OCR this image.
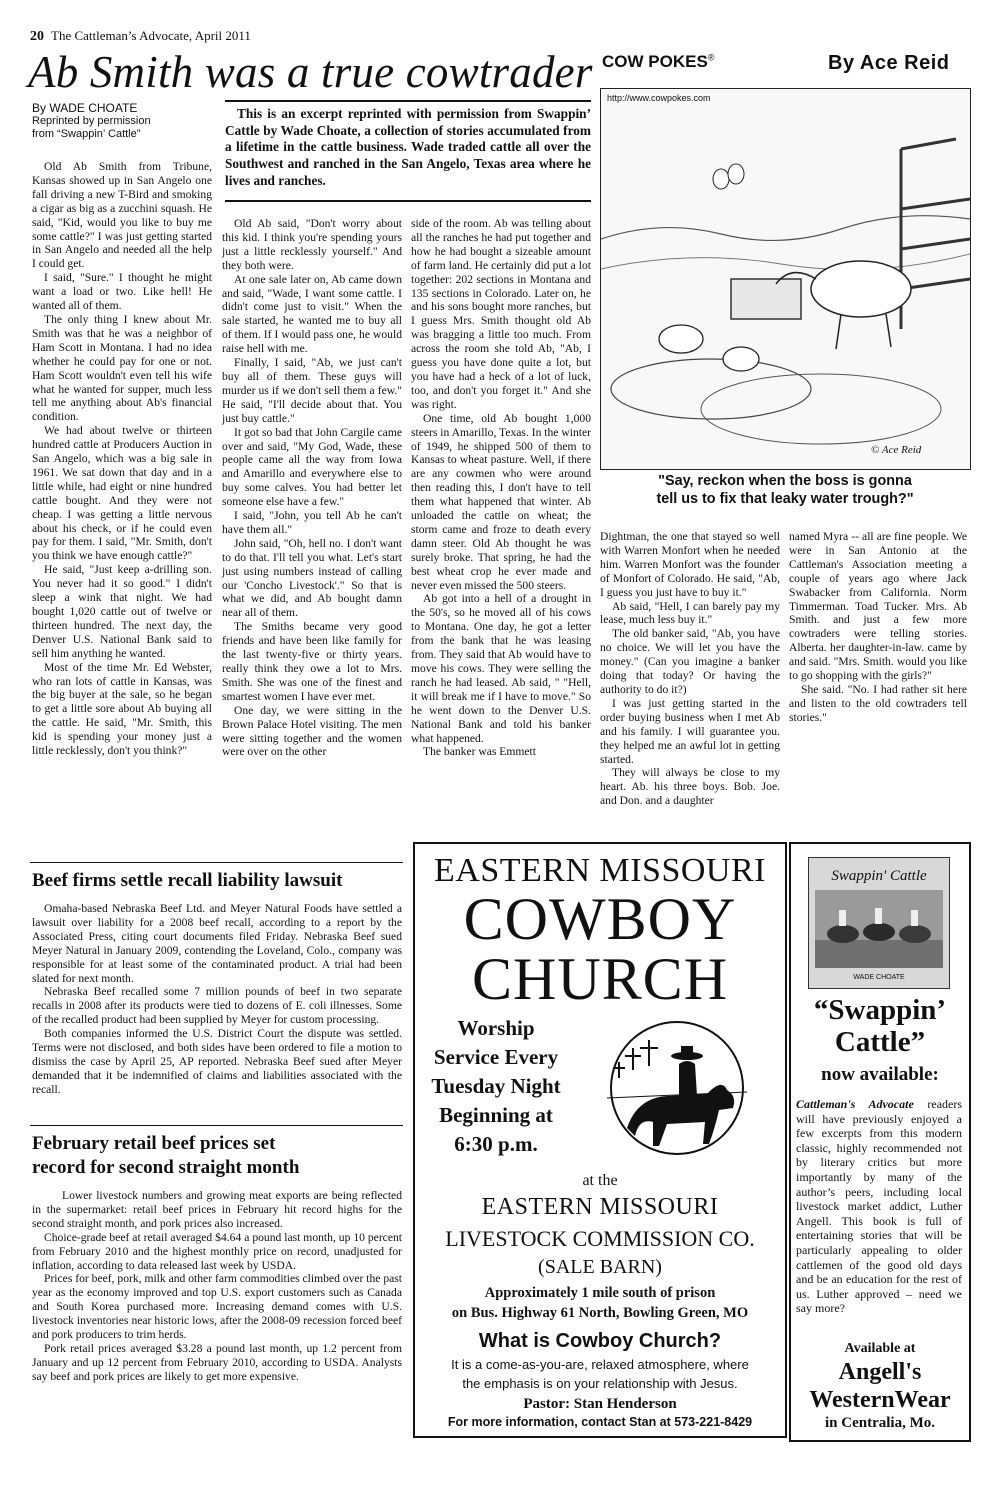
20 The Cattleman’s Advocate, April 2011
Ab Smith was a true cowtrader
By WADE CHOATE
Reprinted by permission
from “Swappin’ Cattle”

This is an excerpt reprinted with permission from Swappin’ Cattle by Wade Choate, a collection of stories accumulated from a lifetime in the cattle business. Wade traded cattle all over the Southwest and ranched in the San Angelo, Texas area where he lives and ranches.

Old Ab Smith from Tribune, Kansas showed up in San Angelo one fall driving a new T-Bird and smoking a cigar as big as a zucchini squash. He said, "Kid, would you like to buy me some cattle?" I was just getting started in San Angelo and needed all the help I could get.

I said, "Sure." I thought he might want a load or two. Like hell! He wanted all of them.

The only thing I knew about Mr. Smith was that he was a neighbor of Ham Scott in Montana. I had no idea whether he could pay for one or not. Ham Scott wouldn't even tell his wife what he wanted for supper, much less tell me anything about Ab's financial condition.

We had about twelve or thirteen hundred cattle at Producers Auction in San Angelo, which was a big sale in 1961. We sat down that day and in a little while, had eight or nine hundred cattle bought. And they were not cheap. I was getting a little nervous about his check, or if he could even pay for them. I said, "Mr. Smith, don't you think we have enough cattle?"

He said, "Just keep a-drilling son. You never had it so good." I didn't sleep a wink that night. We had bought 1,020 cattle out of twelve or thirteen hundred. The next day, the Denver U.S. National Bank said to sell him anything he wanted.

Most of the time Mr. Ed Webster, who ran lots of cattle in Kansas, was the big buyer at the sale, so he began to get a little sore about Ab buying all the cattle. He said, "Mr. Smith, this kid is spending your money just a little recklessly, don't you think?"

Old Ab said, "Don't worry about this kid. I think you're spending yours just a little recklessly yourself." And they both were.

At one sale later on, Ab came down and said, "Wade, I want some cattle. I didn't come just to visit." When the sale started, he wanted me to buy all of them. If I would pass one, he would raise hell with me.

Finally, I said, "Ab, we just can't buy all of them. These guys will murder us if we don't sell them a few." He said, "I'll decide about that. You just buy cattle."

It got so bad that John Cargile came over and said, "My God, Wade, these people came all the way from Iowa and Amarillo and everywhere else to buy some calves. You had better let someone else have a few."

I said, "John, you tell Ab he can't have them all."

John said, "Oh, hell no. I don't want to do that. I'll tell you what. Let's start just using numbers instead of calling our 'Concho Livestock'." So that is what we did, and Ab bought damn near all of them.

The Smiths became very good friends and have been like family for the last twenty-five or thirty years. really think they owe a lot to Mrs. Smith. She was one of the finest and smartest women I have ever met.

One day, we were sitting in the Brown Palace Hotel visiting. The men were sitting together and the women were over on the other

side of the room. Ab was telling about all the ranches he had put together and how he had bought a sizeable amount of farm land. He certainly did put a lot together: 202 sections in Montana and 135 sections in Colorado. Later on, he and his sons bought more ranches, but I guess Mrs. Smith thought old Ab was bragging a little too much. From across the room she told Ab, "Ab, I guess you have done quite a lot, but you have had a heck of a lot of luck, too, and don't you forget it." And she was right.

One time, old Ab bought 1,000 steers in Amarillo, Texas. In the winter of 1949, he shipped 500 of them to Kansas to wheat pasture. Well, if there are any cowmen who were around then reading this, I don't have to tell them what happened that winter. Ab unloaded the cattle on wheat; the storm came and froze to death every damn steer. Old Ab thought he was surely broke. That spring, he had the best wheat crop he ever made and never even missed the 500 steers.

Ab got into a hell of a drought in the 50's, so he moved all of his cows to Montana. One day, he got a letter from the bank that he was leasing from. They said that Ab would have to move his cows. They were selling the ranch he had leased. Ab said, " "Hell, it will break me if I have to move." So he went down to the Denver U.S. National Bank and told his banker what happened.

The banker was Emmett

COW POKES®	By Ace Reid
http://www.cowpokes.com
© Ace Reid
"Say, reckon when the boss is gonna
tell us to fix that leaky water trough?"

Dightman, the one that stayed so well with Warren Monfort when he needed him. Warren Monfort was the founder of Monfort of Colorado. He said, "Ab, I guess you just have to buy it."

Ab said, "Hell, I can barely pay my lease, much less buy it."

The old banker said, "Ab, you have no choice. We will let you have the money." (Can you imagine a banker doing that today? Or having the authority to do it?)

I was just getting started in the order buying business when I met Ab and his family. I will guarantee you. they helped me an awful lot in getting started.

They will always be close to my heart. Ab. his three boys. Bob. Joe. and Don. and a daughter

named Myra -- all are fine people. We were in San Antonio at the Cattleman's Association meeting a couple of years ago where Jack Swabacker from California. Norm Timmerman. Toad Tucker. Mrs. Ab Smith. and just a few more cowtraders were telling stories. Alberta. her daughter-in-law. came by and said. "Mrs. Smith. would you like to go shopping with the girls?"

She said. "No. I had rather sit here and listen to the old cowtraders tell stories."

Beef firms settle recall liability lawsuit

Omaha-based Nebraska Beef Ltd. and Meyer Natural Foods have settled a lawsuit over liability for a 2008 beef recall, according to a report by the Associated Press, citing court documents filed Friday. Nebraska Beef sued Meyer Natural in January 2009, contending the Loveland, Colo., company was responsible for at least some of the contaminated product. A trial had been slated for next month.

Nebraska Beef recalled some 7 million pounds of beef in two separate recalls in 2008 after its products were tied to dozens of E. coli illnesses. Some of the recalled product had been supplied by Meyer for custom processing.

Both companies informed the U.S. District Court the dispute was settled. Terms were not disclosed, and both sides have been ordered to file a motion to dismiss the case by April 25, AP reported. Nebraska Beef sued after Meyer demanded that it be indemnified of claims and liabilities associated with the recall.

February retail beef prices set
record for second straight month

Lower livestock numbers and growing meat exports are being reflected in the supermarket: retail beef prices in February hit record highs for the second straight month, and pork prices also increased.

Choice-grade beef at retail averaged $4.64 a pound last month, up 10 percent from February 2010 and the highest monthly price on record, unadjusted for inflation, according to data released last week by USDA.

Prices for beef, pork, milk and other farm commodities climbed over the past year as the economy improved and top U.S. export customers such as Canada and South Korea purchased more. Increasing demand comes with U.S. livestock inventories near historic lows, after the 2008-09 recession forced beef and pork producers to trim herds.

Pork retail prices averaged $3.28 a pound last month, up 1.2 percent from January and up 12 percent from February 2010, according to USDA. Analysts say beef and pork prices are likely to get more expensive.

EASTERN MISSOURI
COWBOY
CHURCH
Worship
Service Every
Tuesday Night
Beginning at
6:30 p.m.
at the
EASTERN MISSOURI
LIVESTOCK COMMISSION CO.
(SALE BARN)
Approximately 1 mile south of prison
on Bus. Highway 61 North, Bowling Green, MO
What is Cowboy Church?
It is a come-as-you-are, relaxed atmosphere, where
the emphasis is on your relationship with Jesus.
Pastor: Stan Henderson
For more information, contact Stan at 573-221-8429
Swappin' Cattle
WADE CHOATE
“Swappin’
Cattle”
now available:

Cattleman's Advocate readers will have previously enjoyed a few excerpts from this modern classic, highly recommended not by literary critics but more importantly by many of the author’s peers, including local livestock market addict, Luther Angell. This book is full of entertaining stories that will be particularly appealing to older cattlemen of the good old days and be an education for the rest of us. Luther approved – need we say more?

Available at
Angell's
WesternWear
in Centralia, Mo.
